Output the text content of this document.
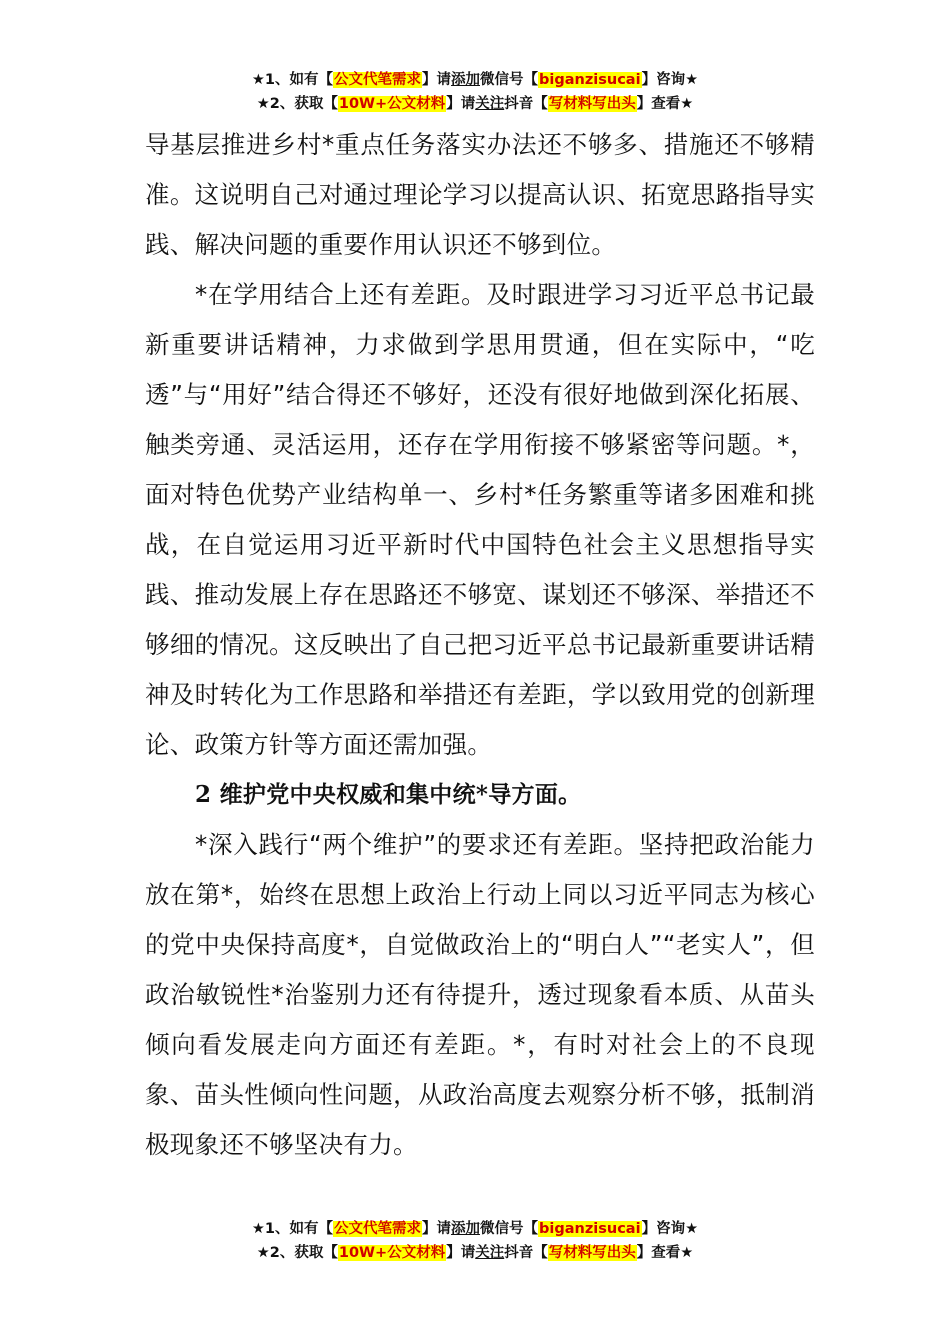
★1、如有【公文代笔需求】请添加微信号【biganzisucai】咨询★
★2、获取【10W+公文材料】请关注抖音【写材料写出头】查看★

导基层推进乡村*重点任务落实办法还不够多、措施还不够精准。这说明自己对通过理论学习以提高认识、拓宽思路指导实践、解决问题的重要作用认识还不够到位。

*在学用结合上还有差距。及时跟进学习习近平总书记最新重要讲话精神，力求做到学思用贯通，但在实际中，“吃透”与“用好”结合得还不够好，还没有很好地做到深化拓展、触类旁通、灵活运用，还存在学用衔接不够紧密等问题。*，面对特色优势产业结构单一、乡村*任务繁重等诸多困难和挑战，在自觉运用习近平新时代中国特色社会主义思想指导实践、推动发展上存在思路还不够宽、谋划还不够深、举措还不够细的情况。这反映出了自己把习近平总书记最新重要讲话精神及时转化为工作思路和举措还有差距，学以致用党的创新理论、政策方针等方面还需加强。

2 维护党中央权威和集中统*导方面。

*深入践行“两个维护”的要求还有差距。坚持把政治能力放在第*，始终在思想上政治上行动上同以习近平同志为核心的党中央保持高度*，自觉做政治上的“明白人”“老实人”，但政治敏锐性*治鉴别力还有待提升，透过现象看本质、从苗头倾向看发展走向方面还有差距。*，有时对社会上的不良现象、苗头性倾向性问题，从政治高度去观察分析不够，抵制消极现象还不够坚决有力。

★1、如有【公文代笔需求】请添加微信号【biganzisucai】咨询★
★2、获取【10W+公文材料】请关注抖音【写材料写出头】查看★
